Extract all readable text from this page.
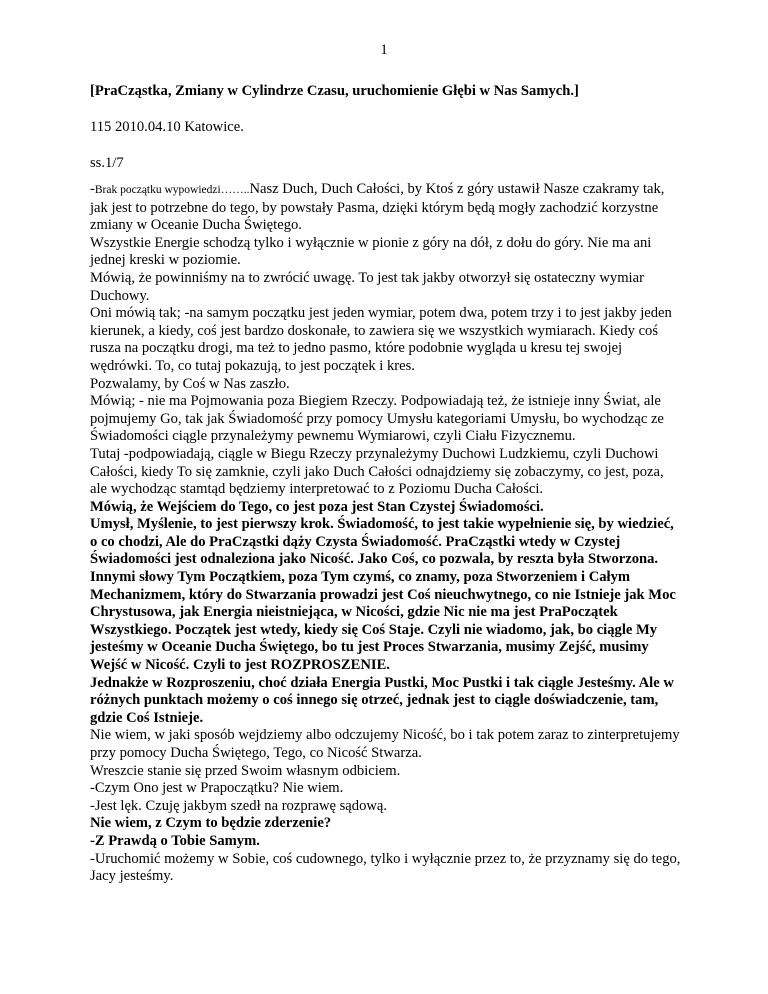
1
[PraCząstka, Zmiany w Cylindrze Czasu, uruchomienie Głębi w Nas Samych.]
115 2010.04.10 Katowice.
ss.1/7

-Brak początku wypowiedzi……..Nasz Duch, Duch Całości, by Ktoś z góry ustawił Nasze czakramy tak, jak jest to potrzebne do tego, by powstały Pasma, dzięki którym będą mogły zachodzić korzystne zmiany w Oceanie Ducha Świętego.

Wszystkie Energie schodzą tylko i wyłącznie w pionie z góry na dół, z dołu do góry. Nie ma ani jednej kreski w poziomie.

Mówią, że powinniśmy na to zwrócić uwagę. To jest tak jakby otworzył się ostateczny wymiar Duchowy.

Oni mówią tak; -na samym początku jest jeden wymiar, potem dwa, potem trzy i to jest jakby jeden kierunek, a kiedy, coś jest bardzo doskonałe, to zawiera się we wszystkich wymiarach. Kiedy coś rusza na początku drogi, ma też to jedno pasmo, które podobnie wygląda u kresu tej swojej wędrówki. To, co tutaj pokazują, to jest początek i kres.

Pozwalamy, by Coś w Nas zaszło.

Mówią; - nie ma Pojmowania poza Biegiem Rzeczy. Podpowiadają też, że istnieje inny Świat, ale pojmujemy Go, tak jak Świadomość przy pomocy Umysłu kategoriami Umysłu, bo wychodząc ze Świadomości ciągle przynależymy pewnemu Wymiarowi, czyli Ciału Fizycznemu.

Tutaj -podpowiadają, ciągle w Biegu Rzeczy przynależymy Duchowi Ludzkiemu, czyli Duchowi Całości, kiedy To się zamknie, czyli jako Duch Całości odnajdziemy się zobaczymy, co jest, poza, ale wychodząc stamtąd będziemy interpretować to z Poziomu Ducha Całości.

Mówią, że Wejściem do Tego, co jest poza jest Stan Czystej Świadomości.

Umysł, Myślenie, to jest pierwszy krok. Świadomość, to jest takie wypełnienie się, by wiedzieć, o co chodzi, Ale do PraCząstki dąży Czysta Świadomość. PraCząstki wtedy w Czystej Świadomości jest odnaleziona jako Nicość. Jako Coś, co pozwala, by reszta była Stworzona. Innymi słowy Tym Początkiem, poza Tym czymś, co znamy, poza Stworzeniem i Całym Mechanizmem, który do Stwarzania prowadzi jest Coś nieuchwytnego, co nie Istnieje jak Moc Chrystusowa, jak Energia nieistniejąca, w Nicości, gdzie Nic nie ma jest PraPoczątek Wszystkiego. Początek jest wtedy, kiedy się Coś Staje. Czyli nie wiadomo, jak, bo ciągle My jesteśmy w Oceanie Ducha Świętego, bo tu jest Proces Stwarzania, musimy Zejść, musimy Wejść w Nicość. Czyli to jest ROZPROSZENIE.

Jednakże w Rozproszeniu, choć działa Energia Pustki, Moc Pustki i tak ciągle Jesteśmy. Ale w różnych punktach możemy o coś innego się otrzeć, jednak jest to ciągle doświadczenie, tam, gdzie Coś Istnieje.

Nie wiem, w jaki sposób wejdziemy albo odczujemy Nicość, bo i tak potem zaraz to zinterpretujemy przy pomocy Ducha Świętego, Tego, co Nicość Stwarza.

Wreszcie stanie się przed Swoim własnym odbiciem.

-Czym Ono jest w Prapoczątku? Nie wiem.

-Jest lęk. Czuję jakbym szedł na rozprawę sądową.

Nie wiem, z Czym to będzie zderzenie?

-Z Prawdą o Tobie Samym.

-Uruchomić możemy w Sobie, coś cudownego, tylko i wyłącznie przez to, że przyznamy się do tego, Jacy jesteśmy.
